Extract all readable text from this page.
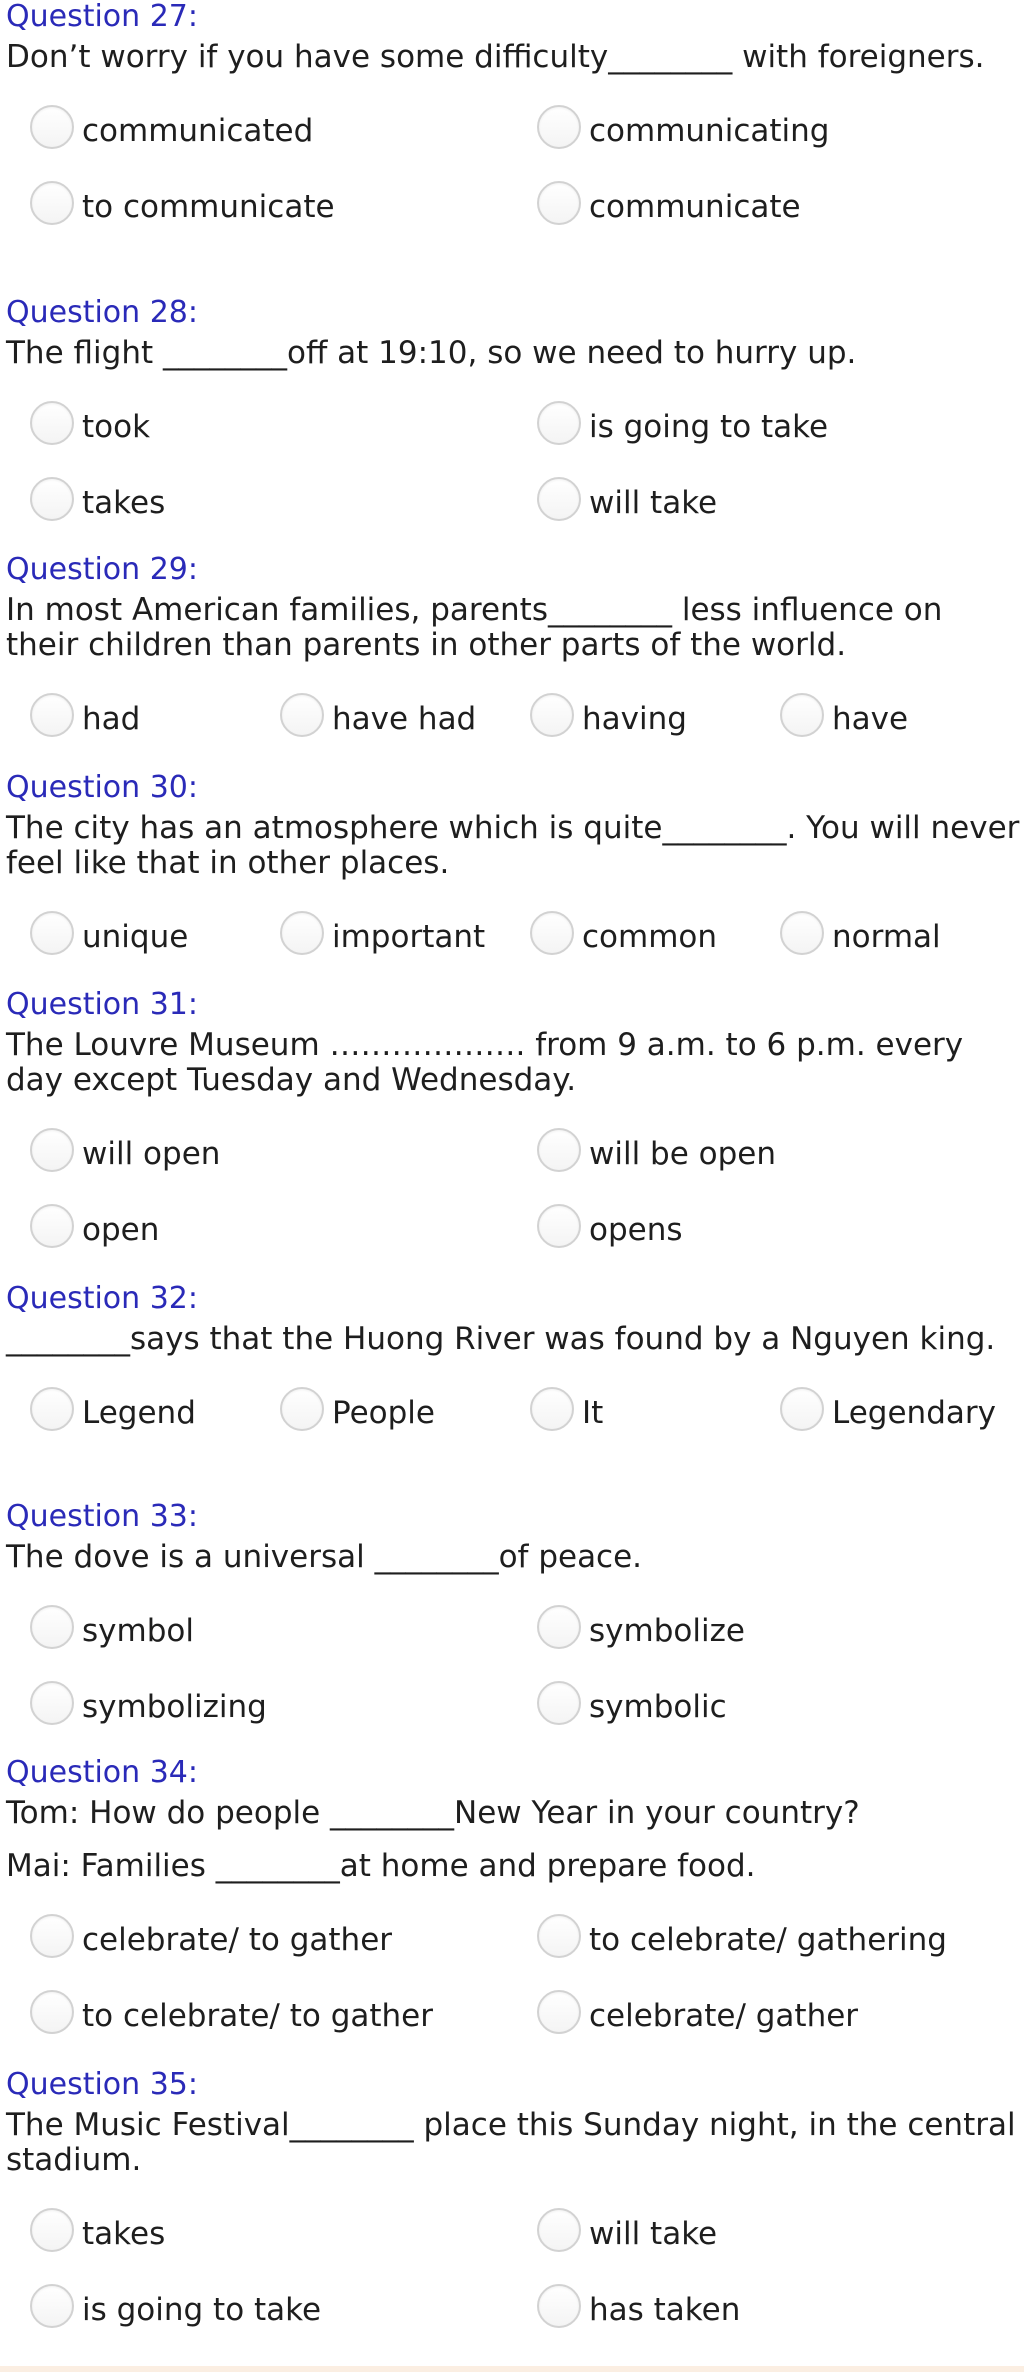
Question 27:

Don’t worry if you have some difficulty________ with foreigners.

communicated	communicating
to communicate	communicate
Question 28:

The flight ________off at 19:10, so we need to hurry up.

took	is going to take
takes	will take
Question 29:

In most American families, parents________ less influence on their children than parents in other parts of the world.

had	have had	having	have
Question 30:

The city has an atmosphere which is quite________. You will never feel like that in other places.

unique	important	common	normal
Question 31:

The Louvre Museum ………………. from 9 a.m. to 6 p.m. every day except Tuesday and Wednesday.

will open	will be open
open	opens
Question 32:

________says that the Huong River was found by a Nguyen king.

Legend	People	It	Legendary
Question 33:

The dove is a universal ________of peace.

symbol	symbolize
symbolizing	symbolic
Question 34:

Tom: How do people ________New Year in your country?

Mai: Families ________at home and prepare food.

celebrate/ to gather	to celebrate/ gathering
to celebrate/ to gather	celebrate/ gather
Question 35:

The Music Festival________ place this Sunday night, in the central stadium.

takes	will take
is going to take	has taken
